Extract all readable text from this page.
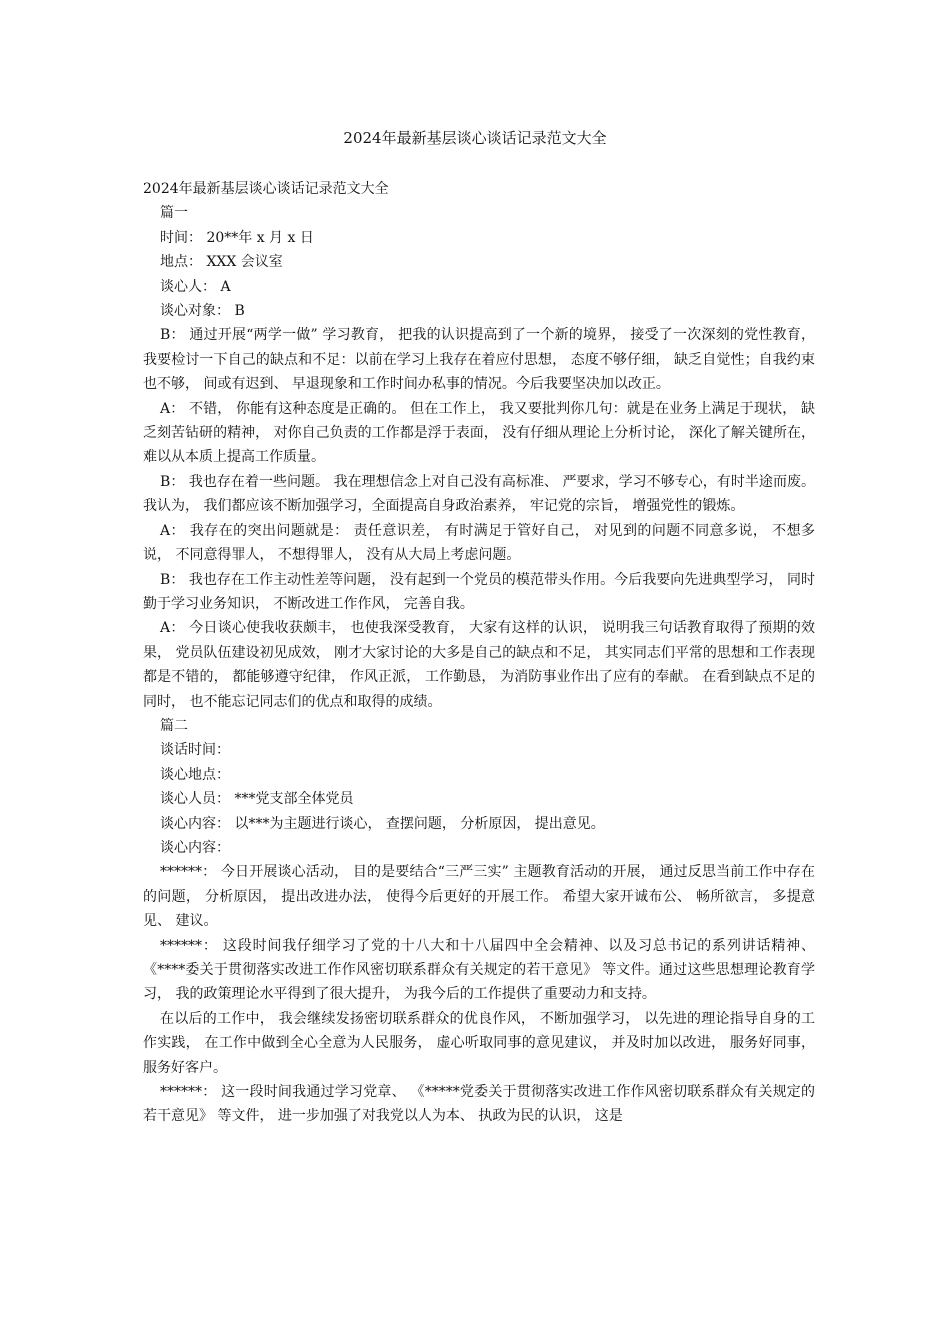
2024年最新基层谈心谈话记录范文大全

2024年最新基层谈心谈话记录范文大全

篇一

时间： 20**年 x 月 x 日

地点： XXX 会议室

谈心人： A

谈心对象： B

B： 通过开展“两学一做” 学习教育， 把我的认识提高到了一个新的境界， 接受了一次深刻的党性教育， 我要检讨一下自己的缺点和不足：以前在学习上我存在着应付思想， 态度不够仔细， 缺乏自觉性；自我约束也不够， 间或有迟到、 早退现象和工作时间办私事的情况。今后我要坚决加以改正。

A： 不错， 你能有这种态度是正确的。 但在工作上， 我又要批判你几句：就是在业务上满足于现状， 缺乏刻苦钻研的精神， 对你自己负责的工作都是浮于表面， 没有仔细从理论上分析讨论， 深化了解关键所在，难以从本质上提高工作质量。

B： 我也存在着一些问题。 我在理想信念上对自己没有高标准、 严要求，学习不够专心，有时半途而废。 我认为， 我们都应该不断加强学习，全面提高自身政治素养， 牢记党的宗旨， 增强党性的锻炼。

A： 我存在的突出问题就是： 责任意识差， 有时满足于管好自己， 对见到的问题不同意多说， 不想多说， 不同意得罪人， 不想得罪人， 没有从大局上考虑问题。

B： 我也存在工作主动性差等问题， 没有起到一个党员的模范带头作用。今后我要向先进典型学习， 同时勤于学习业务知识， 不断改进工作作风， 完善自我。

A： 今日谈心使我收获颇丰， 也使我深受教育， 大家有这样的认识， 说明我三句话教育取得了预期的效果， 党员队伍建设初见成效， 刚才大家讨论的大多是自己的缺点和不足， 其实同志们平常的思想和工作表现都是不错的， 都能够遵守纪律， 作风正派， 工作勤恳， 为消防事业作出了应有的奉献。 在看到缺点不足的同时， 也不能忘记同志们的优点和取得的成绩。

篇二

谈话时间：

谈心地点：

谈心人员： ***党支部全体党员

谈心内容： 以***为主题进行谈心， 查摆问题， 分析原因， 提出意见。

谈心内容：

******： 今日开展谈心活动， 目的是要结合“三严三实” 主题教育活动的开展， 通过反思当前工作中存在的问题， 分析原因， 提出改进办法， 使得今后更好的开展工作。 希望大家开诚布公、 畅所欲言， 多提意见、 建议。

******： 这段时间我仔细学习了党的十八大和十八届四中全会精神、以及习总书记的系列讲话精神、 《****委关于贯彻落实改进工作作风密切联系群众有关规定的若干意见》 等文件。通过这些思想理论教育学习， 我的政策理论水平得到了很大提升， 为我今后的工作提供了重要动力和支持。

在以后的工作中， 我会继续发扬密切联系群众的优良作风， 不断加强学习， 以先进的理论指导自身的工作实践， 在工作中做到全心全意为人民服务， 虚心听取同事的意见建议， 并及时加以改进， 服务好同事，服务好客户。

******： 这一段时间我通过学习党章、 《*****党委关于贯彻落实改进工作作风密切联系群众有关规定的若干意见》 等文件， 进一步加强了对我党以人为本、 执政为民的认识， 这是
